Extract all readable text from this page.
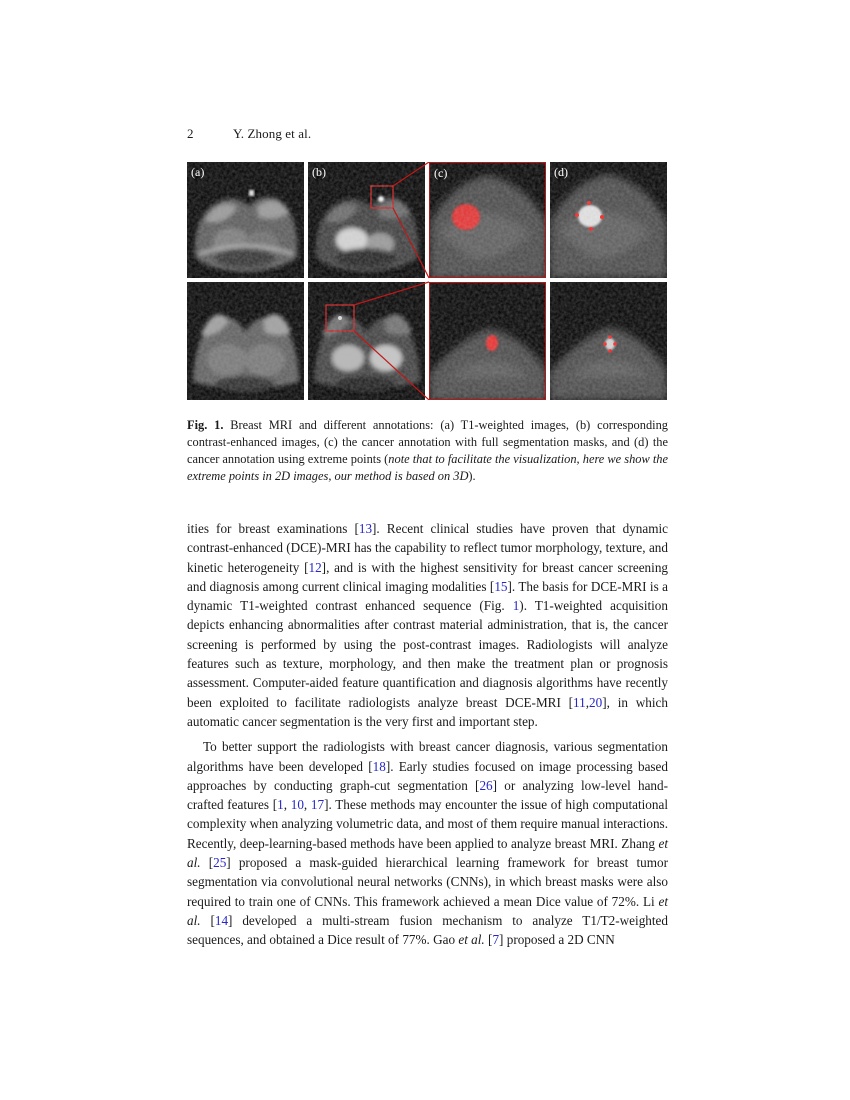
2	Y. Zhong et al.
(a)	(b)	(c)	(d)
Fig. 1. Breast MRI and different annotations: (a) T1-weighted images, (b) corresponding contrast-enhanced images, (c) the cancer annotation with full segmentation masks, and (d) the cancer annotation using extreme points (note that to facilitate the visualization, here we show the extreme points in 2D images, our method is based on 3D).

ities for breast examinations [13]. Recent clinical studies have proven that dynamic contrast-enhanced (DCE)-MRI has the capability to reflect tumor morphology, texture, and kinetic heterogeneity [12], and is with the highest sensitivity for breast cancer screening and diagnosis among current clinical imaging modalities [15]. The basis for DCE-MRI is a dynamic T1-weighted contrast enhanced sequence (Fig. 1). T1-weighted acquisition depicts enhancing abnormalities after contrast material administration, that is, the cancer screening is performed by using the post-contrast images. Radiologists will analyze features such as texture, morphology, and then make the treatment plan or prognosis assessment. Computer-aided feature quantification and diagnosis algorithms have recently been exploited to facilitate radiologists analyze breast DCE-MRI [11,20], in which automatic cancer segmentation is the very first and important step.

To better support the radiologists with breast cancer diagnosis, various segmentation algorithms have been developed [18]. Early studies focused on image processing based approaches by conducting graph-cut segmentation [26] or analyzing low-level hand-crafted features [1, 10, 17]. These methods may encounter the issue of high computational complexity when analyzing volumetric data, and most of them require manual interactions. Recently, deep-learning-based methods have been applied to analyze breast MRI. Zhang et al. [25] proposed a mask-guided hierarchical learning framework for breast tumor segmentation via convolutional neural networks (CNNs), in which breast masks were also required to train one of CNNs. This framework achieved a mean Dice value of 72%. Li et al. [14] developed a multi-stream fusion mechanism to analyze T1/T2-weighted sequences, and obtained a Dice result of 77%. Gao et al. [7] proposed a 2D CNN
